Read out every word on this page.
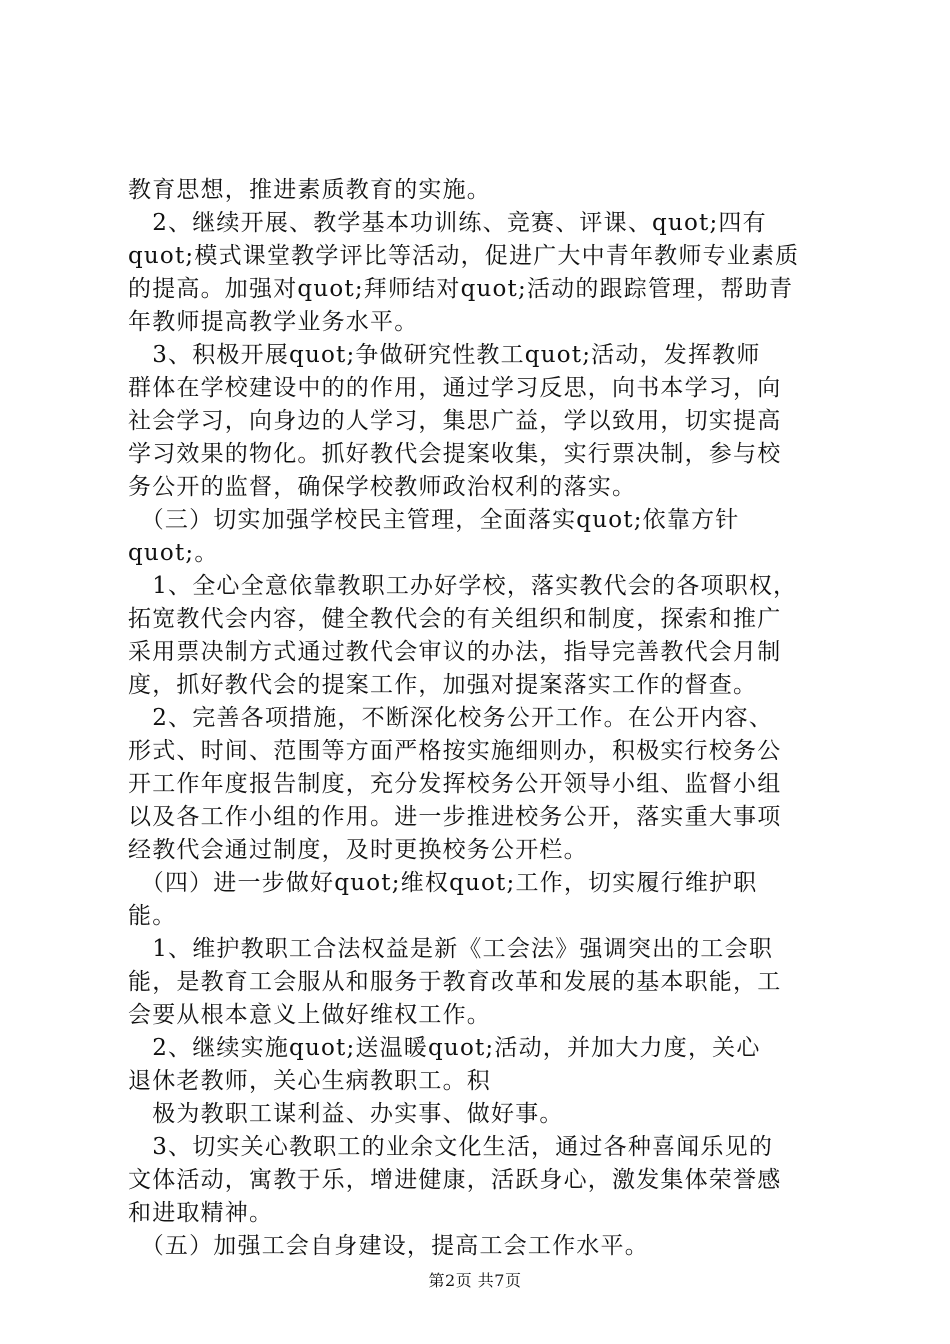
教育思想，推进素质教育的实施。
　2、继续开展、教学基本功训练、竞赛、评课、quot;四有
quot;模式课堂教学评比等活动，促进广大中青年教师专业素质
的提高。加强对quot;拜师结对quot;活动的跟踪管理，帮助青
年教师提高教学业务水平。
　3、积极开展quot;争做研究性教工quot;活动，发挥教师
群体在学校建设中的的作用，通过学习反思，向书本学习，向
社会学习，向身边的人学习，集思广益，学以致用，切实提高
学习效果的物化。抓好教代会提案收集，实行票决制，参与校
务公开的监督，确保学校教师政治权利的落实。
　（三）切实加强学校民主管理，全面落实quot;依靠方针
quot;。
　1、全心全意依靠教职工办好学校，落实教代会的各项职权，
拓宽教代会内容，健全教代会的有关组织和制度，探索和推广
采用票决制方式通过教代会审议的办法，指导完善教代会月制
度，抓好教代会的提案工作，加强对提案落实工作的督查。
　2、完善各项措施，不断深化校务公开工作。在公开内容、
形式、时间、范围等方面严格按实施细则办，积极实行校务公
开工作年度报告制度，充分发挥校务公开领导小组、监督小组
以及各工作小组的作用。进一步推进校务公开，落实重大事项
经教代会通过制度，及时更换校务公开栏。
　（四）进一步做好quot;维权quot;工作，切实履行维护职
能。
　1、维护教职工合法权益是新《工会法》强调突出的工会职
能，是教育工会服从和服务于教育改革和发展的基本职能，工
会要从根本意义上做好维权工作。
　2、继续实施quot;送温暖quot;活动，并加大力度，关心
退休老教师，关心生病教职工。积
　极为教职工谋利益、办实事、做好事。
　3、切实关心教职工的业余文化生活，通过各种喜闻乐见的
文体活动，寓教于乐，增进健康，活跃身心，激发集体荣誉感
和进取精神。
　（五）加强工会自身建设，提高工会工作水平。
第2页 共7页
